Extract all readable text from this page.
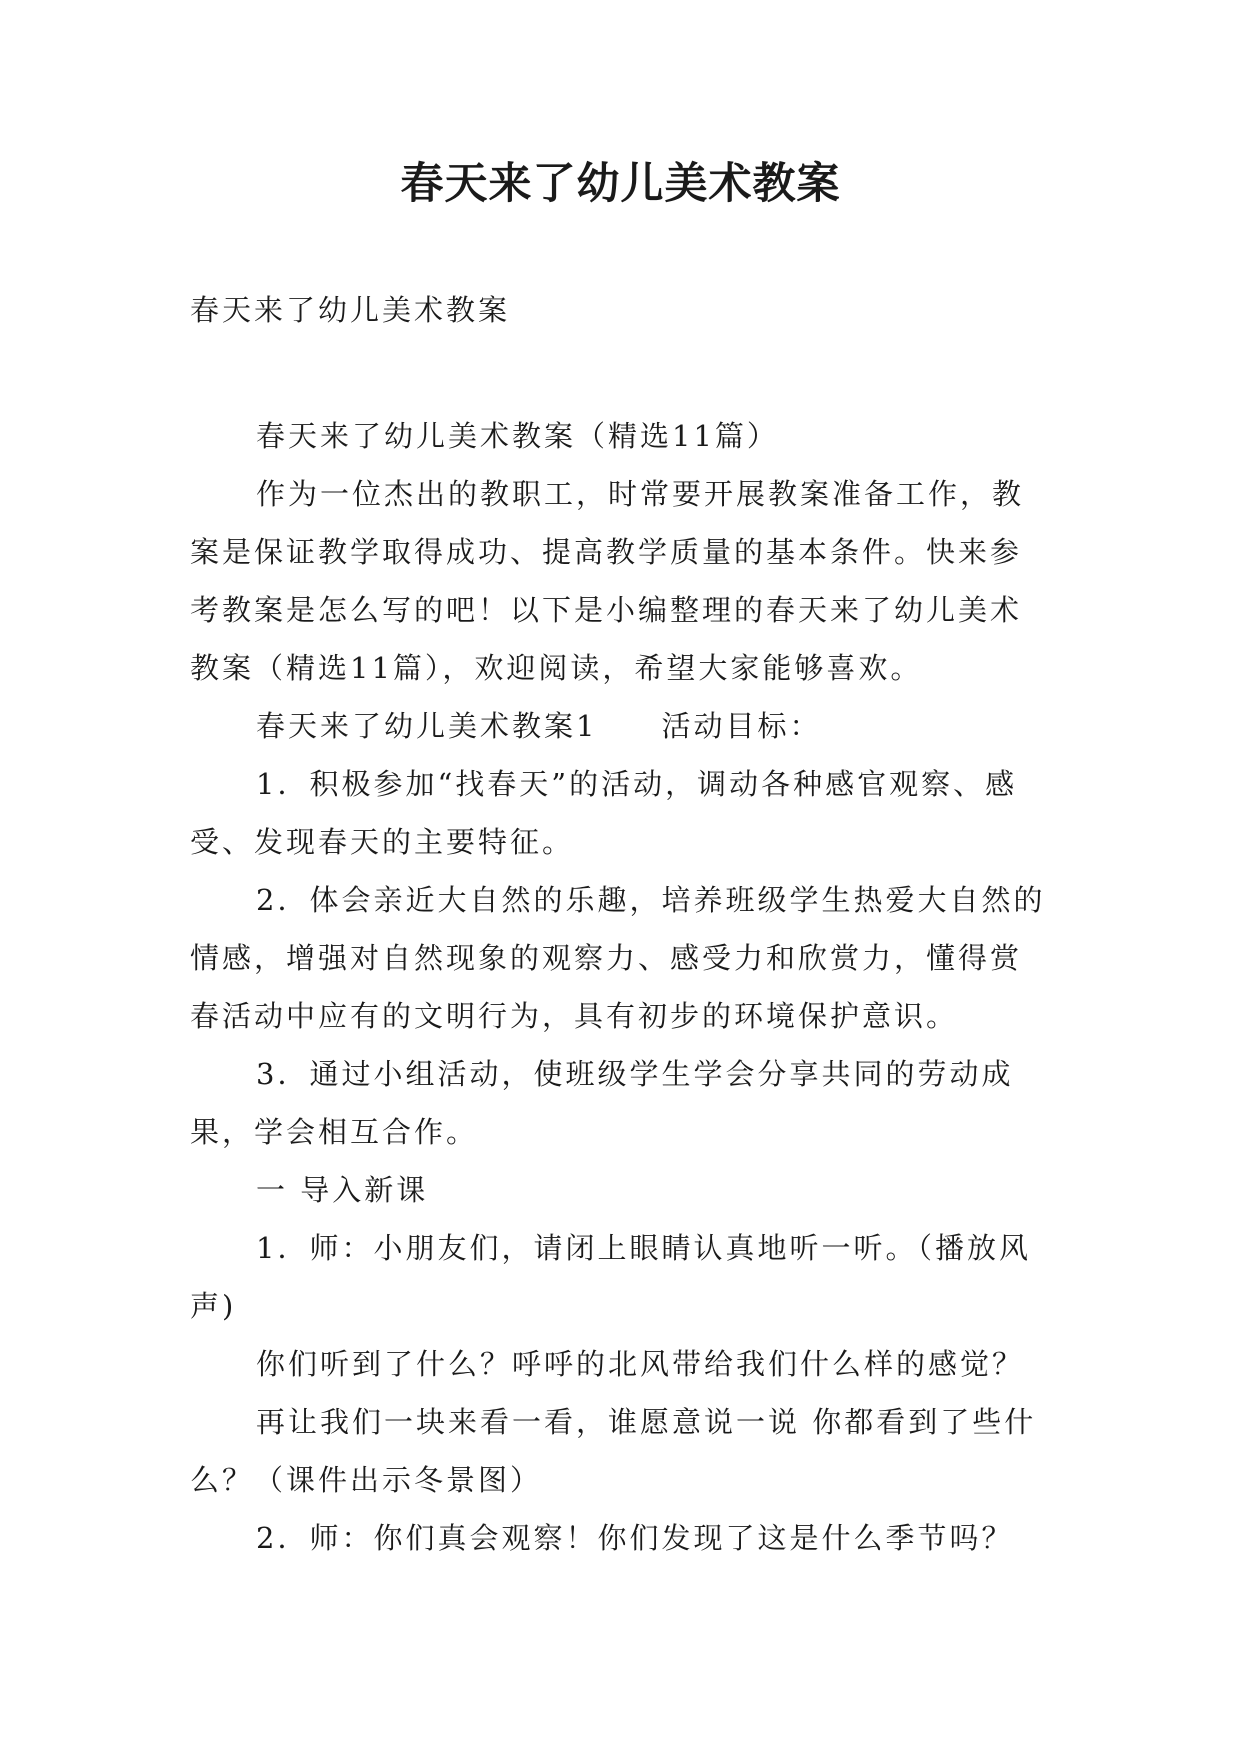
春天来了幼儿美术教案

春天来了幼儿美术教案

春天来了幼儿美术教案（精选11篇）

作为一位杰出的教职工，时常要开展教案准备工作，教案是保证教学取得成功、提高教学质量的基本条件。快来参考教案是怎么写的吧！以下是小编整理的春天来了幼儿美术教案（精选11篇），欢迎阅读，希望大家能够喜欢。

春天来了幼儿美术教案1　　活动目标：

1．积极参加“找春天”的活动，调动各种感官观察、感受、发现春天的主要特征。

2．体会亲近大自然的乐趣，培养班级学生热爱大自然的情感，增强对自然现象的观察力、感受力和欣赏力，懂得赏春活动中应有的文明行为，具有初步的环境保护意识。

3．通过小组活动，使班级学生学会分享共同的劳动成果，学会相互合作。

一 导入新课

1．师：小朋友们，请闭上眼睛认真地听一听。（播放风声)

你们听到了什么？呼呼的北风带给我们什么样的感觉？

再让我们一块来看一看，谁愿意说一说 你都看到了些什么？（课件出示冬景图）

2．师：你们真会观察！你们发现了这是什么季节吗？
